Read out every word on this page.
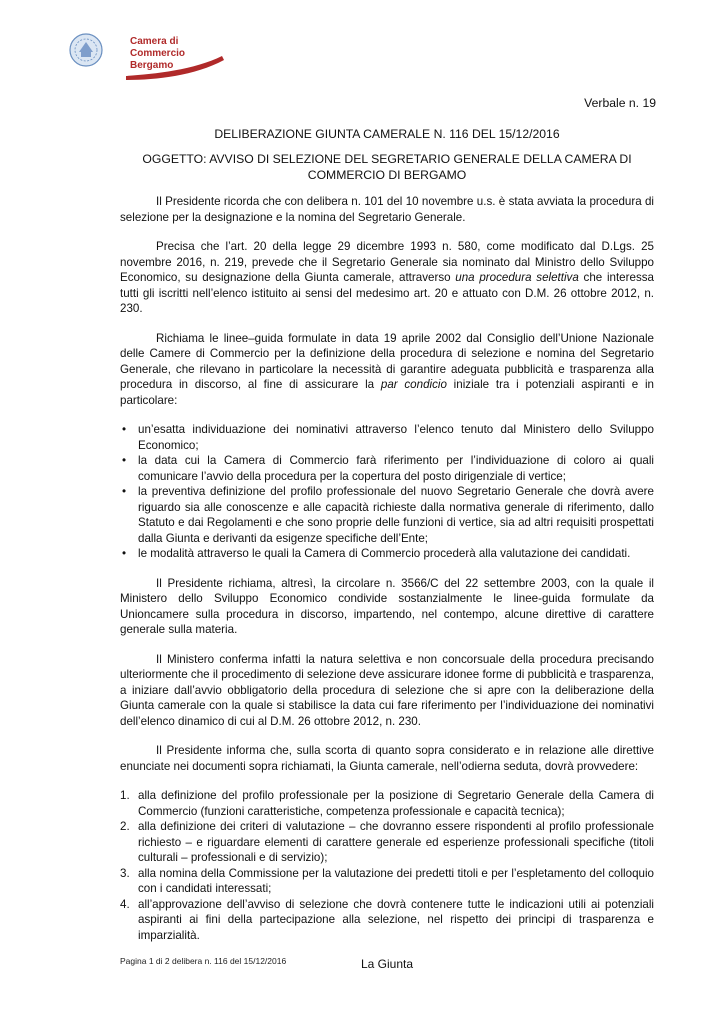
Camera di Commercio
Bergamo
Verbale n. 19
DELIBERAZIONE GIUNTA CAMERALE N. 116 DEL 15/12/2016
OGGETTO: AVVISO DI SELEZIONE DEL SEGRETARIO GENERALE DELLA CAMERA DI COMMERCIO DI BERGAMO

Il Presidente ricorda che con delibera n. 101 del 10 novembre u.s. è stata avviata la procedura di selezione per la designazione e la nomina del Segretario Generale.

Precisa che l’art. 20 della legge 29 dicembre 1993 n. 580, come modificato dal D.Lgs. 25 novembre 2016, n. 219, prevede che il Segretario Generale sia nominato dal Ministro dello Sviluppo Economico, su designazione della Giunta camerale, attraverso una procedura selettiva che interessa tutti gli iscritti nell’elenco istituito ai sensi del medesimo art. 20 e attuato con D.M. 26 ottobre 2012, n. 230.

Richiama le linee–guida formulate in data 19 aprile 2002 dal Consiglio dell’Unione Nazionale delle Camere di Commercio per la definizione della procedura di selezione e nomina del Segretario Generale, che rilevano in particolare la necessità di garantire adeguata pubblicità e trasparenza alla procedura in discorso, al fine di assicurare la par condicio iniziale tra i potenziali aspiranti e in particolare:

• un’esatta individuazione dei nominativi attraverso l’elenco tenuto dal Ministero dello Sviluppo Economico;
• la data cui la Camera di Commercio farà riferimento per l’individuazione di coloro ai quali comunicare l’avvio della procedura per la copertura del posto dirigenziale di vertice;
• la preventiva definizione del profilo professionale del nuovo Segretario Generale che dovrà avere riguardo sia alle conoscenze e alle capacità richieste dalla normativa generale di riferimento, dallo Statuto e dai Regolamenti e che sono proprie delle funzioni di vertice, sia ad altri requisiti prospettati dalla Giunta e derivanti da esigenze specifiche dell’Ente;
• le modalità attraverso le quali la Camera di Commercio procederà alla valutazione dei candidati.

Il Presidente richiama, altresì, la circolare n. 3566/C del 22 settembre 2003, con la quale il Ministero dello Sviluppo Economico condivide sostanzialmente le linee-guida formulate da Unioncamere sulla procedura in discorso, impartendo, nel contempo, alcune direttive di carattere generale sulla materia.

Il Ministero conferma infatti la natura selettiva e non concorsuale della procedura precisando ulteriormente che il procedimento di selezione deve assicurare idonee forme di pubblicità e trasparenza, a iniziare dall’avvio obbligatorio della procedura di selezione che si apre con la deliberazione della Giunta camerale con la quale si stabilisce la data cui fare riferimento per l’individuazione dei nominativi dell’elenco dinamico di cui al D.M. 26 ottobre 2012, n. 230.

Il Presidente informa che, sulla scorta di quanto sopra considerato e in relazione alle direttive enunciate nei documenti sopra richiamati, la Giunta camerale, nell’odierna seduta, dovrà provvedere:

1. alla definizione del profilo professionale per la posizione di Segretario Generale della Camera di Commercio (funzioni caratteristiche, competenza professionale e capacità tecnica);
2. alla definizione dei criteri di valutazione – che dovranno essere rispondenti al profilo professionale richiesto – e riguardare elementi di carattere generale ed esperienze professionali specifiche (titoli culturali – professionali e di servizio);
3. alla nomina della Commissione per la valutazione dei predetti titoli e per l’espletamento del colloquio con i candidati interessati;
4. all’approvazione dell’avviso di selezione che dovrà contenere tutte le indicazioni utili ai potenziali aspiranti ai fini della partecipazione alla selezione, nel rispetto dei principi di trasparenza e imparzialità.
La Giunta
Pagina 1 di 2 delibera n. 116 del 15/12/2016
